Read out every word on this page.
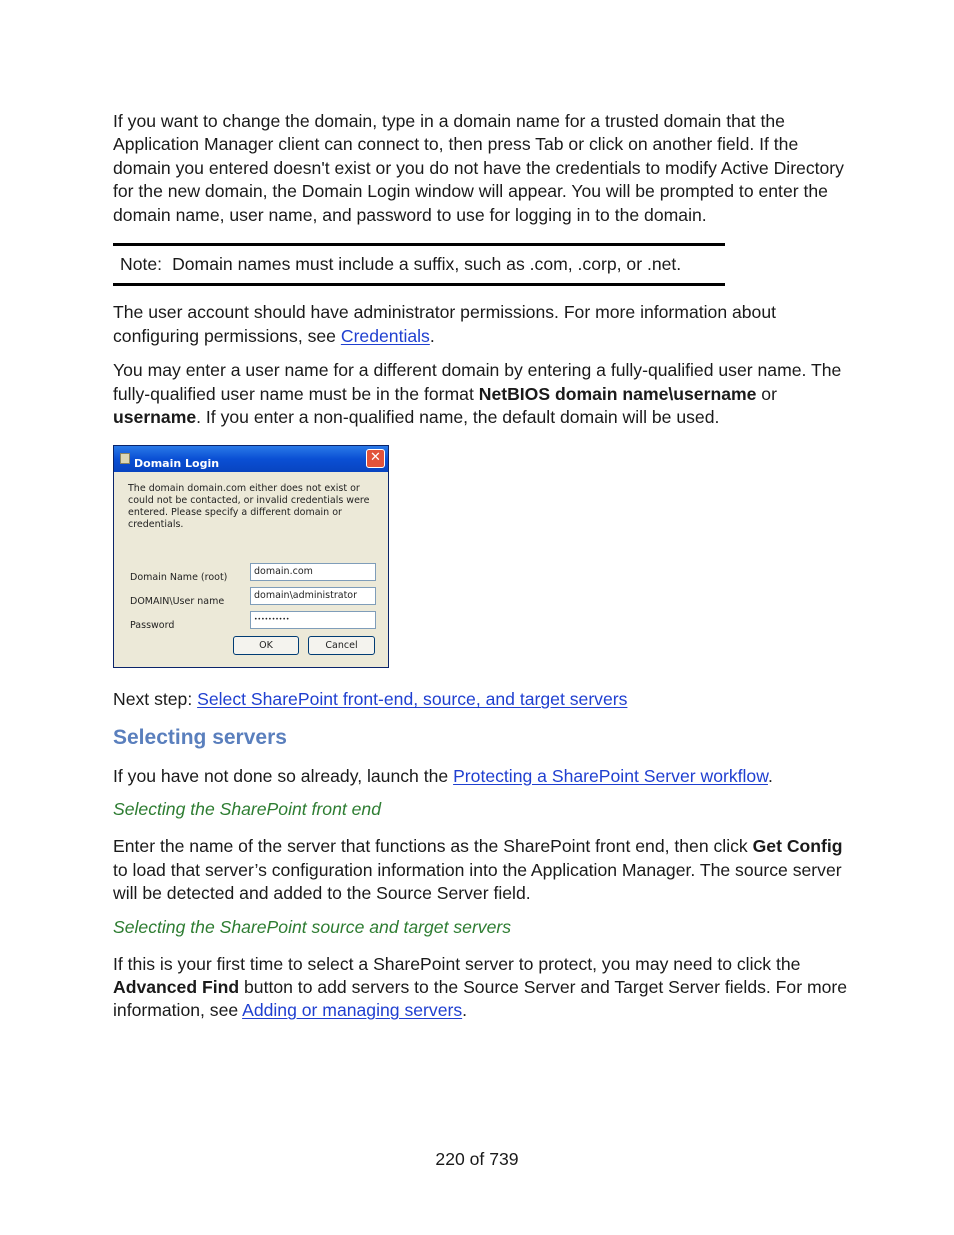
If you want to change the domain, type in a domain name for a trusted domain that the Application Manager client can connect to, then press Tab or click on another field. If the domain you entered doesn't exist or you do not have the credentials to modify Active Directory for the new domain, the Domain Login window will appear. You will be prompted to enter the domain name, user name, and password to use for logging in to the domain.

Note: Domain names must include a suffix, such as .com, .corp, or .net.

The user account should have administrator permissions. For more information about configuring permissions, see Credentials.

You may enter a user name for a different domain by entering a fully-qualified user name. The fully-qualified user name must be in the format NetBIOS domain name\username or username. If you enter a non-qualified name, the default domain will be used.

Domain Login	✕
The domain domain.com either does not exist or could not be contacted, or invalid credentials were entered. Please specify a different domain or credentials.
Domain Name (root)
domain.com
DOMAIN\User name
domain\administrator
Password
••••••••••
OK	Cancel

Next step: Select SharePoint front-end, source, and target servers

Selecting servers

If you have not done so already, launch the Protecting a SharePoint Server workflow.

Selecting the SharePoint front end

Enter the name of the server that functions as the SharePoint front end, then click Get Config to load that server’s configuration information into the Application Manager. The source server will be detected and added to the Source Server field.

Selecting the SharePoint source and target servers

If this is your first time to select a SharePoint server to protect, you may need to click the Advanced Find button to add servers to the Source Server and Target Server fields. For more information, see Adding or managing servers.

220 of 739
